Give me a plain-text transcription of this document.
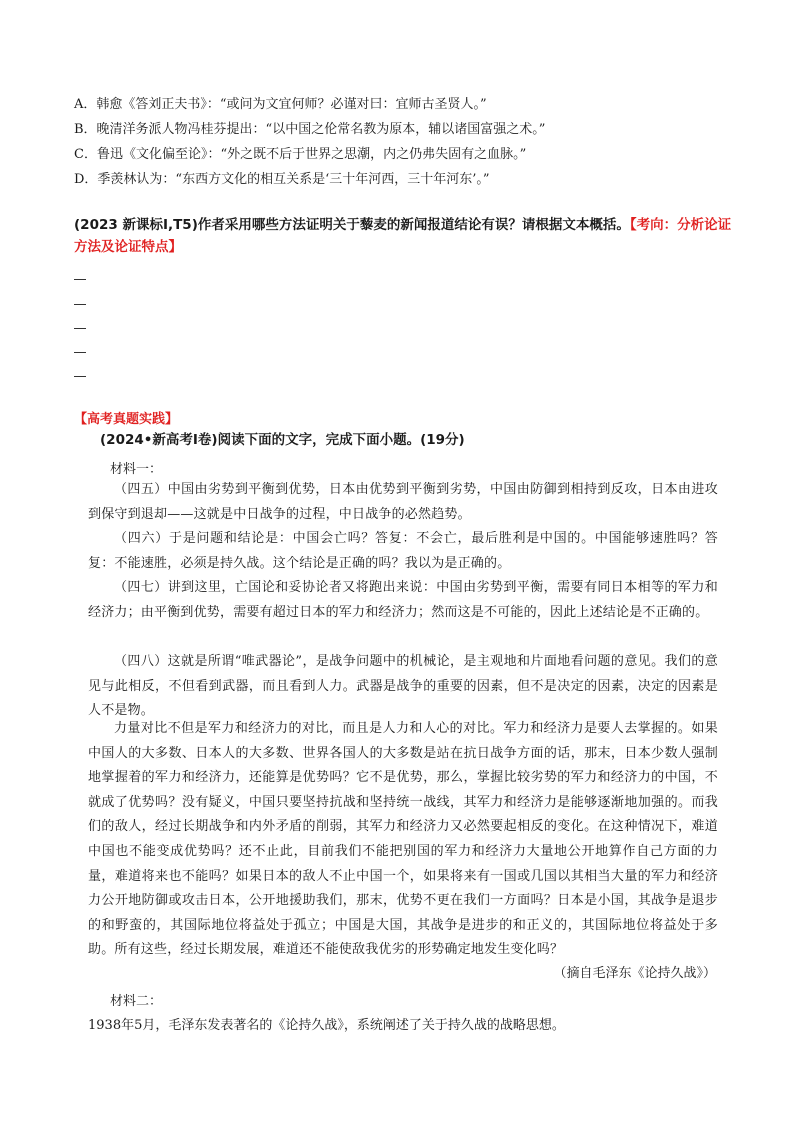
A．韩愈《答刘正夫书》：“或问为文宜何师？必谨对曰：宜师古圣贤人。”
B．晚清洋务派人物冯桂芬提出：“以中国之伦常名教为原本，辅以诸国富强之术。”
C．鲁迅《文化偏至论》：“外之既不后于世界之思潮，内之仍弗失固有之血脉。”
D．季羡林认为：“东西方文化的相互关系是‘三十年河西，三十年河东’。”
(2023 新课标Ⅰ,T5)作者采用哪些方法证明关于藜麦的新闻报道结论有误？请根据文本概括。【考向：分析论证方法及论证特点】
【高考真题实践】
(2024•新高考Ⅰ卷)阅读下面的文字，完成下面小题。(19分)
材料一：
（四五）中国由劣势到平衡到优势，日本由优势到平衡到劣势，中国由防御到相持到反攻，日本由进攻到保守到退却——这就是中日战争的过程，中日战争的必然趋势。
（四六）于是问题和结论是：中国会亡吗？答复：不会亡，最后胜利是中国的。中国能够速胜吗？答复：不能速胜，必须是持久战。这个结论是正确的吗？我以为是正确的。
（四七）讲到这里，亡国论和妥协论者又将跑出来说：中国由劣势到平衡，需要有同日本相等的军力和经济力；由平衡到优势，需要有超过日本的军力和经济力；然而这是不可能的，因此上述结论是不正确的。
（四八）这就是所谓“唯武器论”，是战争问题中的机械论，是主观地和片面地看问题的意见。我们的意见与此相反，不但看到武器，而且看到人力。武器是战争的重要的因素，但不是决定的因素，决定的因素是人不是物。
力量对比不但是军力和经济力的对比，而且是人力和人心的对比。军力和经济力是要人去掌握的。如果中国人的大多数、日本人的大多数、世界各国人的大多数是站在抗日战争方面的话，那末，日本少数人强制地掌握着的军力和经济力，还能算是优势吗？它不是优势，那么，掌握比较劣势的军力和经济力的中国，不就成了优势吗？没有疑义，中国只要坚持抗战和坚持统一战线，其军力和经济力是能够逐渐地加强的。而我们的敌人，经过长期战争和内外矛盾的削弱，其军力和经济力又必然要起相反的变化。在这种情况下，难道中国也不能变成优势吗？还不止此，目前我们不能把别国的军力和经济力大量地公开地算作自己方面的力量，难道将来也不能吗？如果日本的敌人不止中国一个，如果将来有一国或几国以其相当大量的军力和经济力公开地防御或攻击日本，公开地援助我们，那末，优势不更在我们一方面吗？日本是小国，其战争是退步的和野蛮的，其国际地位将益处于孤立；中国是大国，其战争是进步的和正义的，其国际地位将益处于多助。所有这些，经过长期发展，难道还不能使敌我优劣的形势确定地发生变化吗？
（摘自毛泽东《论持久战》）
材料二：
1938年5月，毛泽东发表著名的《论持久战》，系统阐述了关于持久战的战略思想。
